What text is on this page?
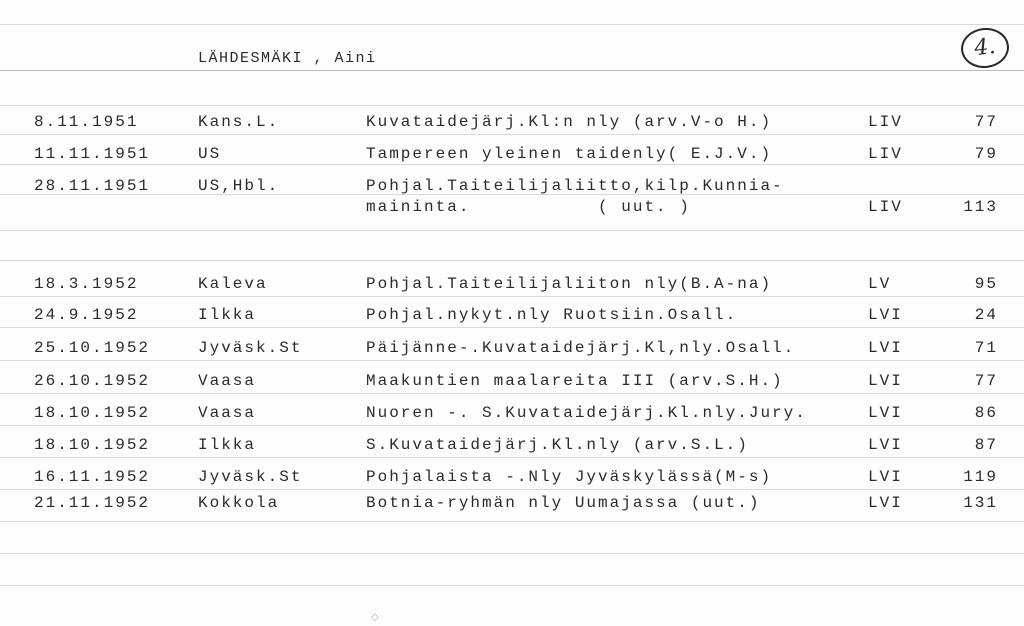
LÄHDESMÄKI , Aini	4.
8.11.1951	Kans.L.	Kuvataidejärj.Kl:n nly (arv.V-o H.)	LIV	77
11.11.1951	US	Tampereen yleinen taidenly( E.J.V.)	LIV	79
28.11.1951	US,Hbl.	Pohjal.Taiteilijaliitto,kilp.Kunnia-
maininta.           ( uut. )	LIV	113
18.3.1952	Kaleva	Pohjal.Taiteilijaliiton nly(B.A-na)	LV	95
24.9.1952	Ilkka	Pohjal.nykyt.nly Ruotsiin.Osall.	LVI	24
25.10.1952	Jyväsk.St	Päijänne-.Kuvataidejärj.Kl,nly.Osall.	LVI	71
26.10.1952	Vaasa	Maakuntien maalareita III (arv.S.H.)	LVI	77
18.10.1952	Vaasa	Nuoren -. S.Kuvataidejärj.Kl.nly.Jury.	LVI	86
18.10.1952	Ilkka	S.Kuvataidejärj.Kl.nly (arv.S.L.)	LVI	87
16.11.1952	Jyväsk.St	Pohjalaista -.Nly Jyväskylässä(M-s)	LVI	119
21.11.1952	Kokkola	Botnia-ryhmän nly Uumajassa (uut.)	LVI	131
◇
